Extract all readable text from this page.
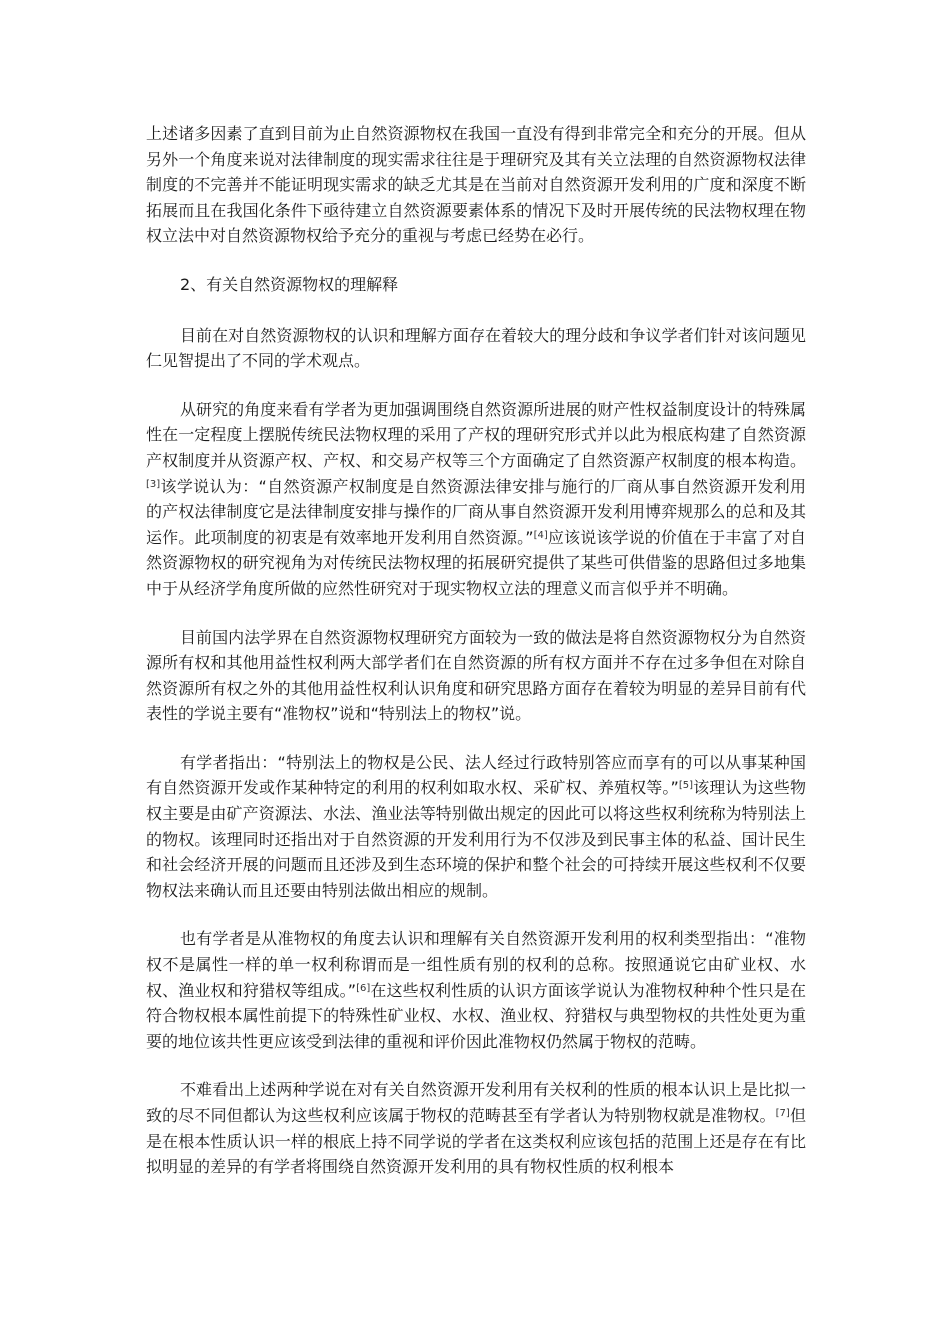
上述诸多因素了直到目前为止自然资源物权在我国一直没有得到非常完全和充分的开展。但从另外一个角度来说对法律制度的现实需求往往是于理研究及其有关立法理的自然资源物权法律制度的不完善并不能证明现实需求的缺乏尤其是在当前对自然资源开发利用的广度和深度不断拓展而且在我国化条件下亟待建立自然资源要素体系的情况下及时开展传统的民法物权理在物权立法中对自然资源物权给予充分的重视与考虑已经势在必行。

2、有关自然资源物权的理解释

目前在对自然资源物权的认识和理解方面存在着较大的理分歧和争议学者们针对该问题见仁见智提出了不同的学术观点。

从研究的角度来看有学者为更加强调围绕自然资源所进展的财产性权益制度设计的特殊属性在一定程度上摆脱传统民法物权理的采用了产权的理研究形式并以此为根底构建了自然资源产权制度并从资源产权、产权、和交易产权等三个方面确定了自然资源产权制度的根本构造。[3]该学说认为：“自然资源产权制度是自然资源法律安排与施行的厂商从事自然资源开发利用的产权法律制度它是法律制度安排与操作的厂商从事自然资源开发利用博弈规那么的总和及其运作。此项制度的初衷是有效率地开发利用自然资源。”[4]应该说该学说的价值在于丰富了对自然资源物权的研究视角为对传统民法物权理的拓展研究提供了某些可供借鉴的思路但过多地集中于从经济学角度所做的应然性研究对于现实物权立法的理意义而言似乎并不明确。

目前国内法学界在自然资源物权理研究方面较为一致的做法是将自然资源物权分为自然资源所有权和其他用益性权利两大部学者们在自然资源的所有权方面并不存在过多争但在对除自然资源所有权之外的其他用益性权利认识角度和研究思路方面存在着较为明显的差异目前有代表性的学说主要有“准物权”说和“特别法上的物权”说。

有学者指出：“特别法上的物权是公民、法人经过行政特别答应而享有的可以从事某种国有自然资源开发或作某种特定的利用的权利如取水权、采矿权、养殖权等。”[5]该理认为这些物权主要是由矿产资源法、水法、渔业法等特别做出规定的因此可以将这些权利统称为特别法上的物权。该理同时还指出对于自然资源的开发利用行为不仅涉及到民事主体的私益、国计民生和社会经济开展的问题而且还涉及到生态环境的保护和整个社会的可持续开展这些权利不仅要物权法来确认而且还要由特别法做出相应的规制。

也有学者是从准物权的角度去认识和理解有关自然资源开发利用的权利类型指出：“准物权不是属性一样的单一权利称谓而是一组性质有别的权利的总称。按照通说它由矿业权、水权、渔业权和狩猎权等组成。”[6]在这些权利性质的认识方面该学说认为准物权种种个性只是在符合物权根本属性前提下的特殊性矿业权、水权、渔业权、狩猎权与典型物权的共性处更为重要的地位该共性更应该受到法律的重视和评价因此准物权仍然属于物权的范畴。

不难看出上述两种学说在对有关自然资源开发利用有关权利的性质的根本认识上是比拟一致的尽不同但都认为这些权利应该属于物权的范畴甚至有学者认为特别物权就是准物权。[7]但是在根本性质认识一样的根底上持不同学说的学者在这类权利应该包括的范围上还是存在有比拟明显的差异的有学者将围绕自然资源开发利用的具有物权性质的权利根本
